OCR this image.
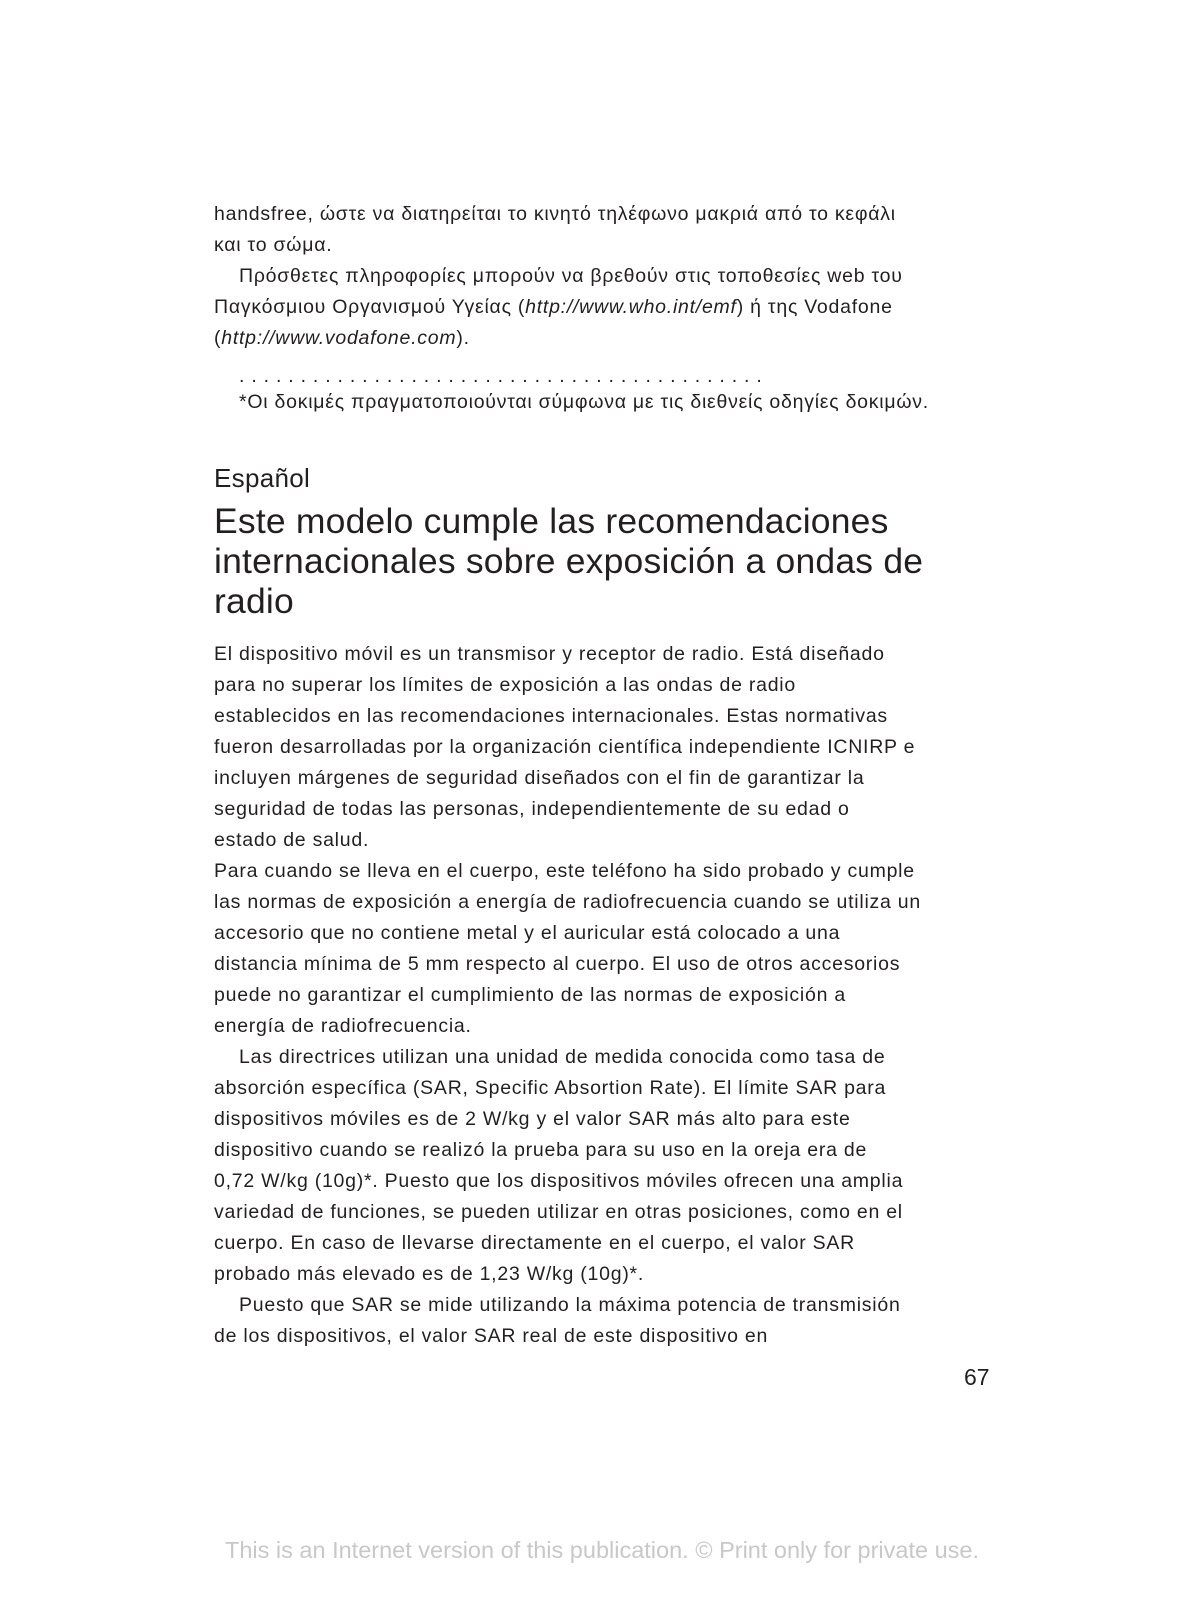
handsfree, ώστε να διατηρείται το κινητό τηλέφωνο μακριά από το κεφάλι
και το σώμα.
Πρόσθετες πληροφορίες μπορούν να βρεθούν στις τοποθεσίες web του
Παγκόσμιου Οργανισμού Υγείας (http://www.who.int/emf) ή της Vodafone
(http://www.vodafone.com).
...........................................
*Οι δοκιμές πραγματοποιούνται σύμφωνα με τις διεθνείς οδηγίες δοκιμών.
Español
Este modelo cumple las recomendaciones
internacionales sobre exposición a ondas de
radio
El dispositivo móvil es un transmisor y receptor de radio. Está diseñado
para no superar los límites de exposición a las ondas de radio
establecidos en las recomendaciones internacionales. Estas normativas
fueron desarrolladas por la organización científica independiente ICNIRP e
incluyen márgenes de seguridad diseñados con el fin de garantizar la
seguridad de todas las personas, independientemente de su edad o
estado de salud.
Para cuando se lleva en el cuerpo, este teléfono ha sido probado y cumple
las normas de exposición a energía de radiofrecuencia cuando se utiliza un
accesorio que no contiene metal y el auricular está colocado a una
distancia mínima de 5 mm respecto al cuerpo. El uso de otros accesorios
puede no garantizar el cumplimiento de las normas de exposición a
energía de radiofrecuencia.
Las directrices utilizan una unidad de medida conocida como tasa de
absorción específica (SAR, Specific Absortion Rate). El límite SAR para
dispositivos móviles es de 2 W/kg y el valor SAR más alto para este
dispositivo cuando se realizó la prueba para su uso en la oreja era de
0,72 W/kg (10g)*. Puesto que los dispositivos móviles ofrecen una amplia
variedad de funciones, se pueden utilizar en otras posiciones, como en el
cuerpo. En caso de llevarse directamente en el cuerpo, el valor SAR
probado más elevado es de 1,23 W/kg (10g)*.
Puesto que SAR se mide utilizando la máxima potencia de transmisión
de los dispositivos, el valor SAR real de este dispositivo en
67
This is an Internet version of this publication. © Print only for private use.
